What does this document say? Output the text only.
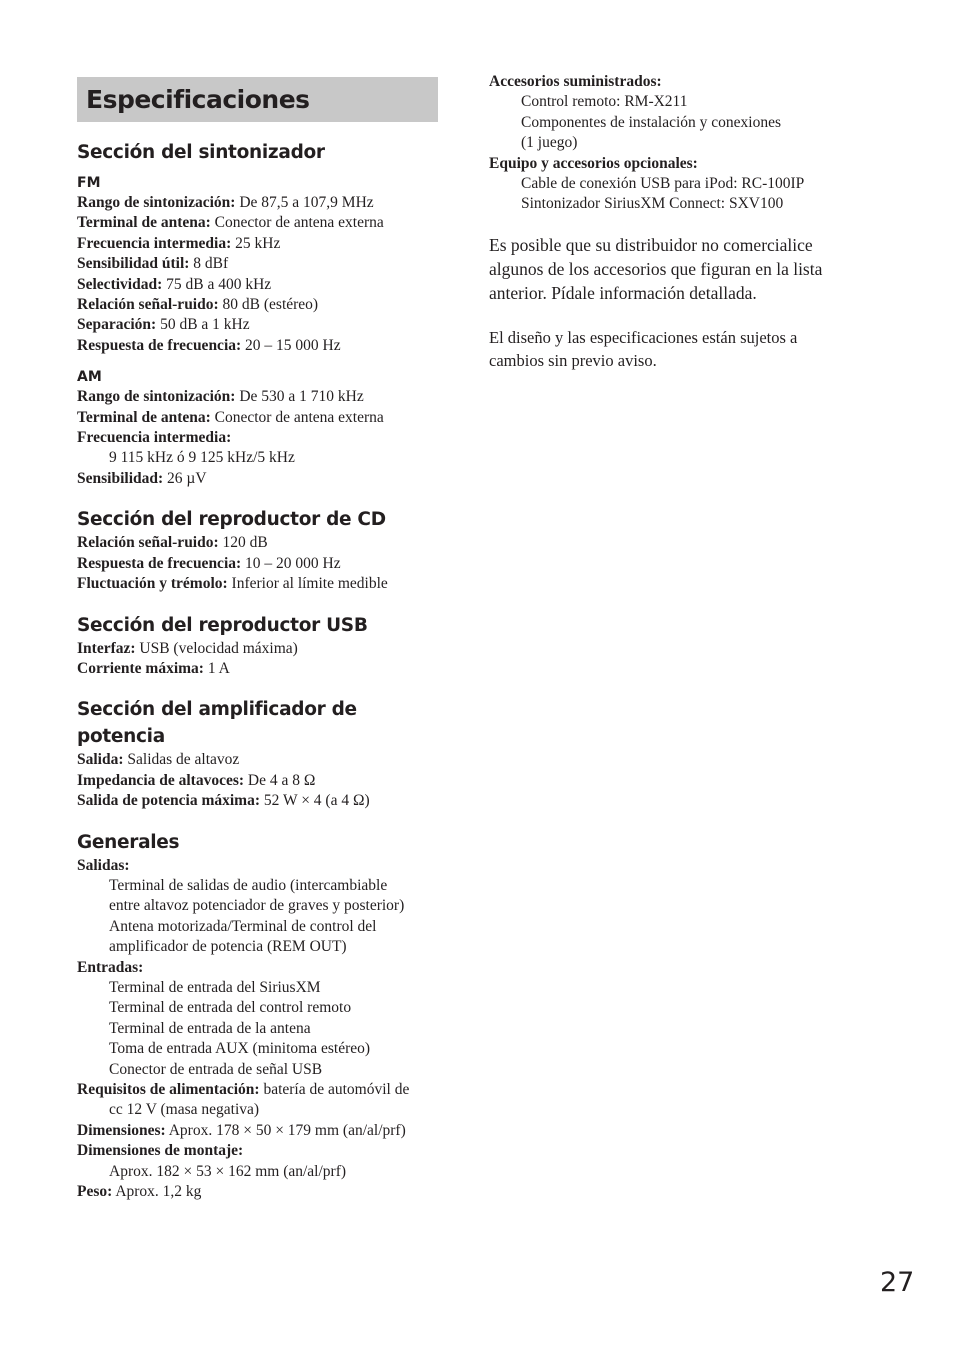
Especificaciones
Sección del sintonizador
FM
Rango de sintonización: De 87,5 a 107,9 MHz
Terminal de antena: Conector de antena externa
Frecuencia intermedia: 25 kHz
Sensibilidad útil: 8 dBf
Selectividad: 75 dB a 400 kHz
Relación señal-ruido: 80 dB (estéreo)
Separación: 50 dB a 1 kHz
Respuesta de frecuencia: 20 – 15 000 Hz
AM
Rango de sintonización: De 530 a 1 710 kHz
Terminal de antena: Conector de antena externa
Frecuencia intermedia:
9 115 kHz ó 9 125 kHz/5 kHz
Sensibilidad: 26 µV
Sección del reproductor de CD
Relación señal-ruido: 120 dB
Respuesta de frecuencia: 10 – 20 000 Hz
Fluctuación y trémolo: Inferior al límite medible
Sección del reproductor USB
Interfaz: USB (velocidad máxima)
Corriente máxima: 1 A
Sección del amplificador de
potencia
Salida: Salidas de altavoz
Impedancia de altavoces: De 4 a 8 Ω
Salida de potencia máxima: 52 W × 4 (a 4 Ω)
Generales
Salidas:
Terminal de salidas de audio (intercambiable
entre altavoz potenciador de graves y posterior)
Antena motorizada/Terminal de control del
amplificador de potencia (REM OUT)
Entradas:
Terminal de entrada del SiriusXM
Terminal de entrada del control remoto
Terminal de entrada de la antena
Toma de entrada AUX (minitoma estéreo)
Conector de entrada de señal USB
Requisitos de alimentación: batería de automóvil de
cc 12 V (masa negativa)
Dimensiones: Aprox. 178 × 50 × 179 mm (an/al/prf)
Dimensiones de montaje:
Aprox. 182 × 53 × 162 mm (an/al/prf)
Peso: Aprox. 1,2 kg
Accesorios suministrados:
Control remoto: RM-X211
Componentes de instalación y conexiones
(1 juego)
Equipo y accesorios opcionales:
Cable de conexión USB para iPod: RC-100IP
Sintonizador SiriusXM Connect: SXV100

Es posible que su distribuidor no comercialice algunos de los accesorios que figuran en la lista anterior. Pídale información detallada.

El diseño y las especificaciones están sujetos a cambios sin previo aviso.

27
